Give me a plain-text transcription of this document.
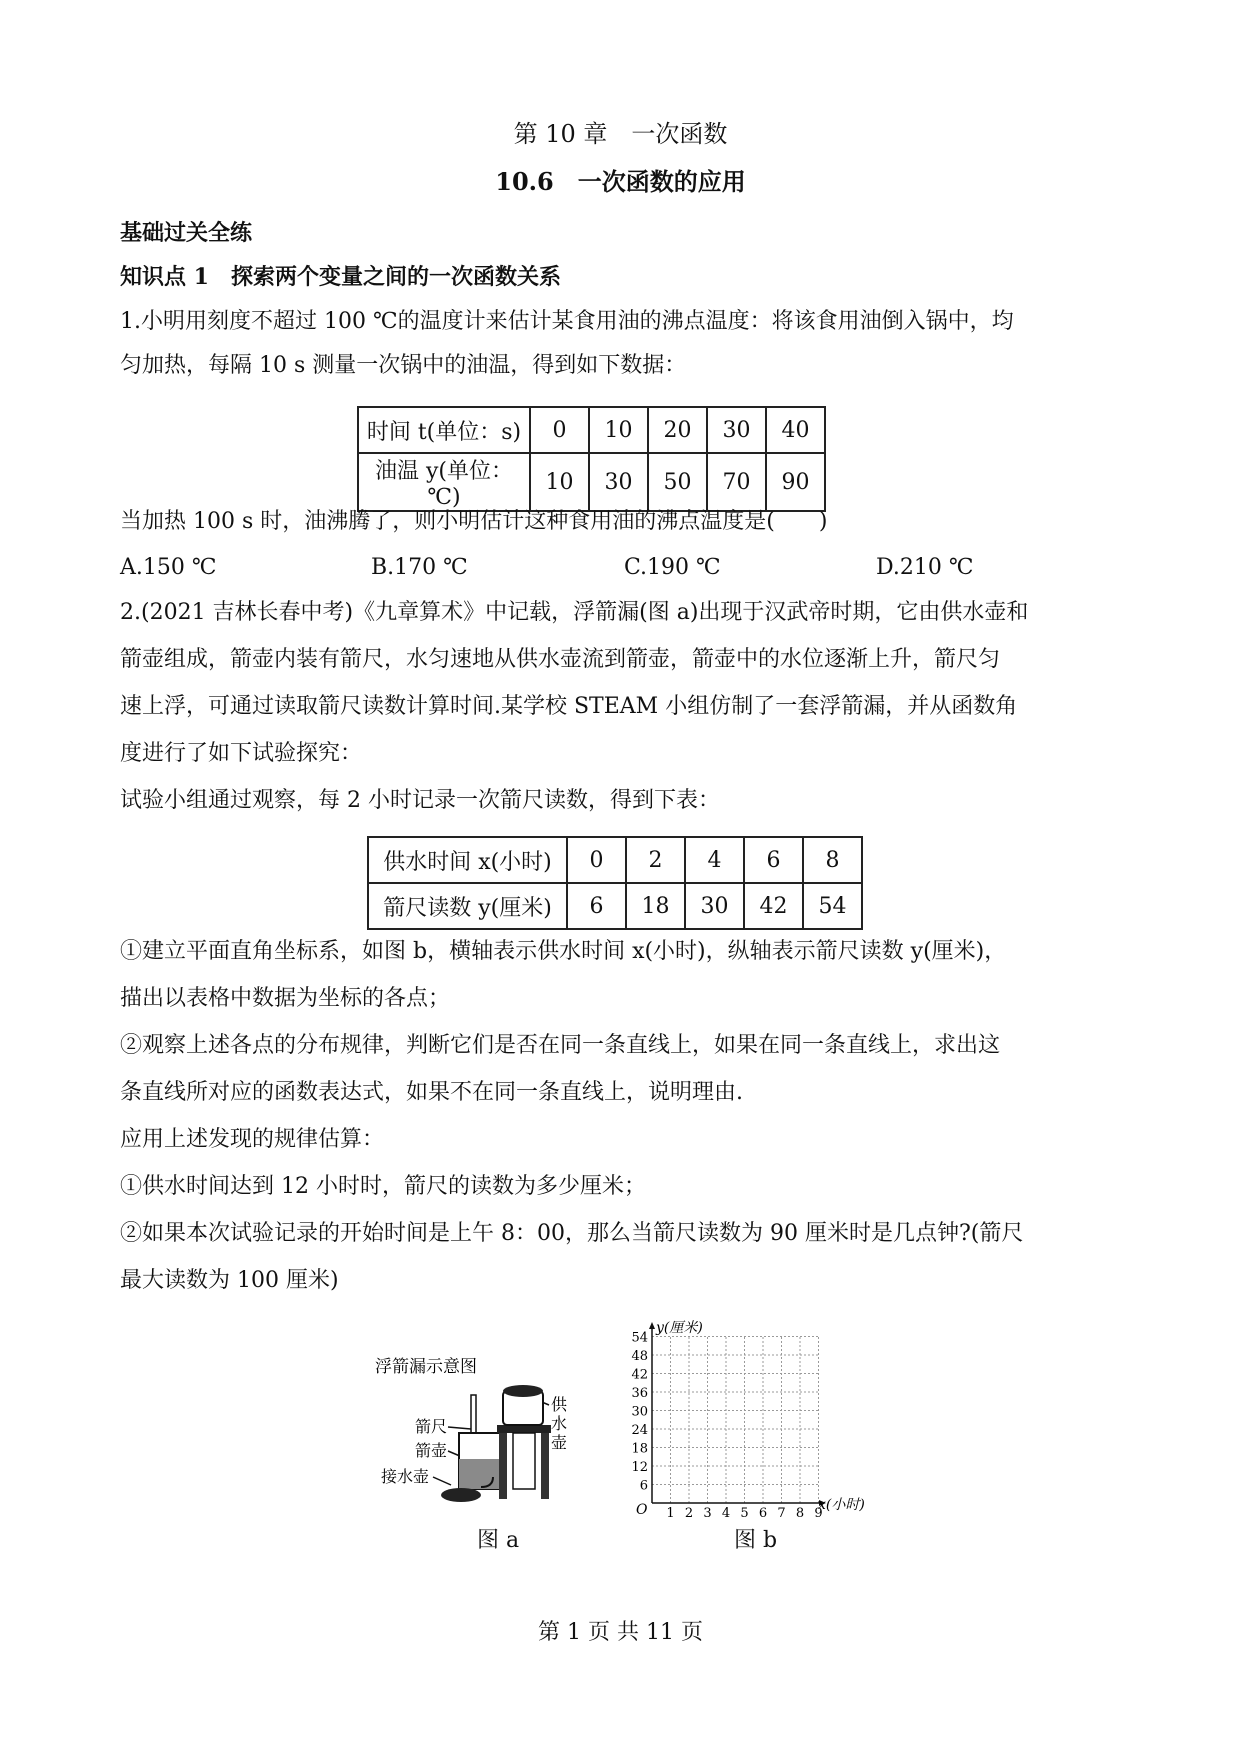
第 10 章　一次函数
10.6　一次函数的应用
基础过关全练
知识点 1　探索两个变量之间的一次函数关系
1.小明用刻度不超过 100 ℃的温度计来估计某食用油的沸点温度：将该食用油倒入锅中，均
匀加热，每隔 10 s 测量一次锅中的油温，得到如下数据：
时间 t(单位：s)	0	10	20	30	40
油温 y(单位：℃)	10	30	50	70	90
当加热 100 s 时，油沸腾了，则小明估计这种食用油的沸点温度是(　　)
A.150 ℃	B.170 ℃	C.190 ℃	D.210 ℃
2.(2021 吉林长春中考)《九章算术》中记载，浮箭漏(图 a)出现于汉武帝时期，它由供水壶和
箭壶组成，箭壶内装有箭尺，水匀速地从供水壶流到箭壶，箭壶中的水位逐渐上升，箭尺匀
速上浮，可通过读取箭尺读数计算时间.某学校 STEAM 小组仿制了一套浮箭漏，并从函数角
度进行了如下试验探究：
试验小组通过观察，每 2 小时记录一次箭尺读数，得到下表：
供水时间 x(小时)	0	2	4	6	8
箭尺读数 y(厘米)	6	18	30	42	54
①建立平面直角坐标系，如图 b，横轴表示供水时间 x(小时)，纵轴表示箭尺读数 y(厘米)，
描出以表格中数据为坐标的各点；
②观察上述各点的分布规律，判断它们是否在同一条直线上，如果在同一条直线上，求出这
条直线所对应的函数表达式，如果不在同一条直线上，说明理由.
应用上述发现的规律估算：
①供水时间达到 12 小时时，箭尺的读数为多少厘米；
②如果本次试验记录的开始时间是上午 8：00，那么当箭尺读数为 90 厘米时是几点钟?(箭尺
最大读数为 100 厘米)
浮箭漏示意图
箭尺
箭壶
接水壶
供
水
壶
图 a
1 2 3 4 5 6 7 8 9
6
12
18
24
30
36
42
48
54
y(厘米)
x(小时)
O
图 b
第 1 页 共 11 页
